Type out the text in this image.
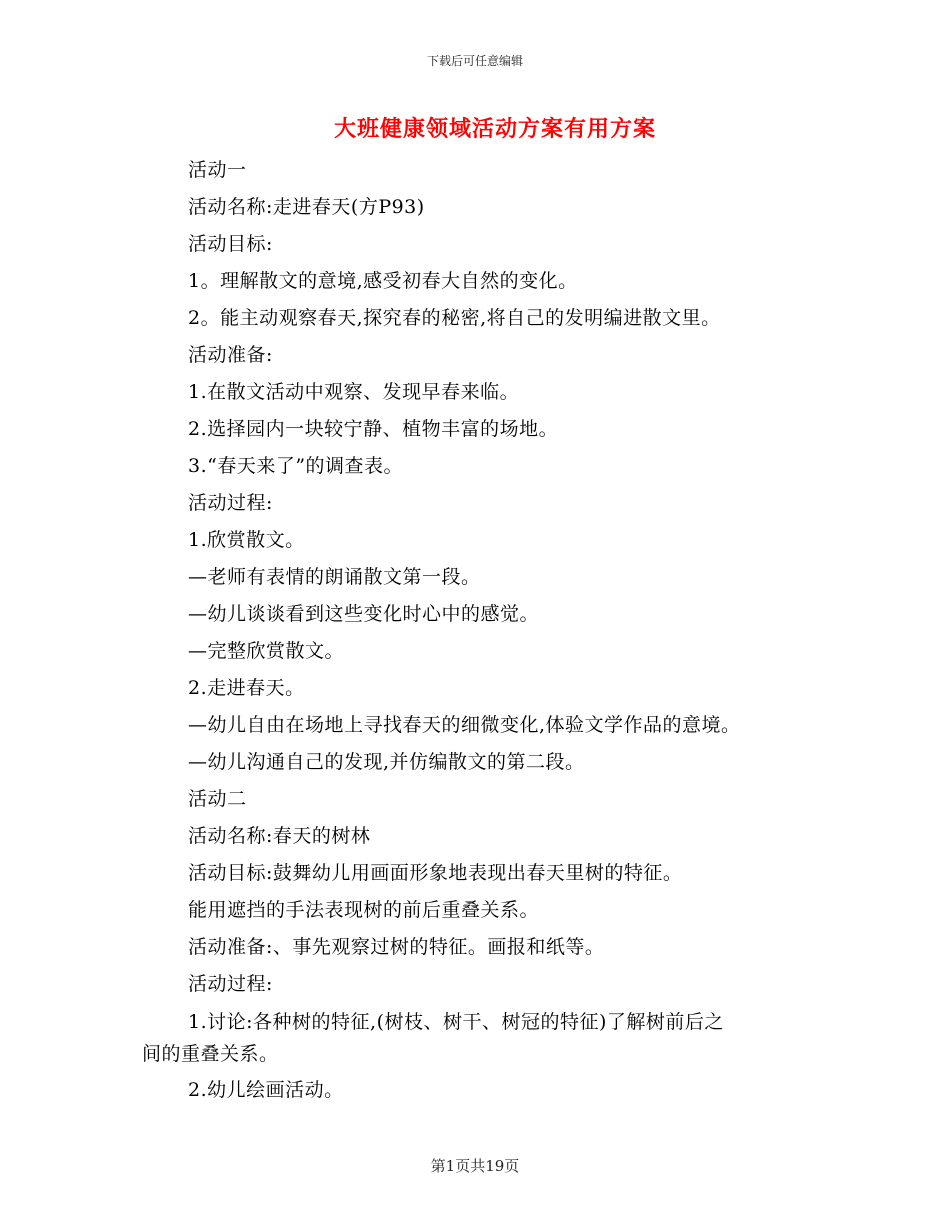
下载后可任意编辑
大班健康领域活动方案有用方案
活动一
活动名称:走进春天(方P93)
活动目标:
1。理解散文的意境,感受初春大自然的变化。
2。能主动观察春天,探究春的秘密,将自己的发明编进散文里。
活动准备:
1.在散文活动中观察、发现早春来临。
2.选择园内一块较宁静、植物丰富的场地。
3.“春天来了”的调查表。
活动过程:
1.欣赏散文。
—老师有表情的朗诵散文第一段。
—幼儿谈谈看到这些变化时心中的感觉。
—完整欣赏散文。
2.走进春天。
—幼儿自由在场地上寻找春天的细微变化,体验文学作品的意境。
—幼儿沟通自己的发现,并仿编散文的第二段。
活动二
活动名称:春天的树林
活动目标:鼓舞幼儿用画面形象地表现出春天里树的特征。
能用遮挡的手法表现树的前后重叠关系。
活动准备:、事先观察过树的特征。画报和纸等。
活动过程:
1.讨论:各种树的特征,(树枝、树干、树冠的特征)了解树前后之
间的重叠关系。
2.幼儿绘画活动。
第1页共19页
